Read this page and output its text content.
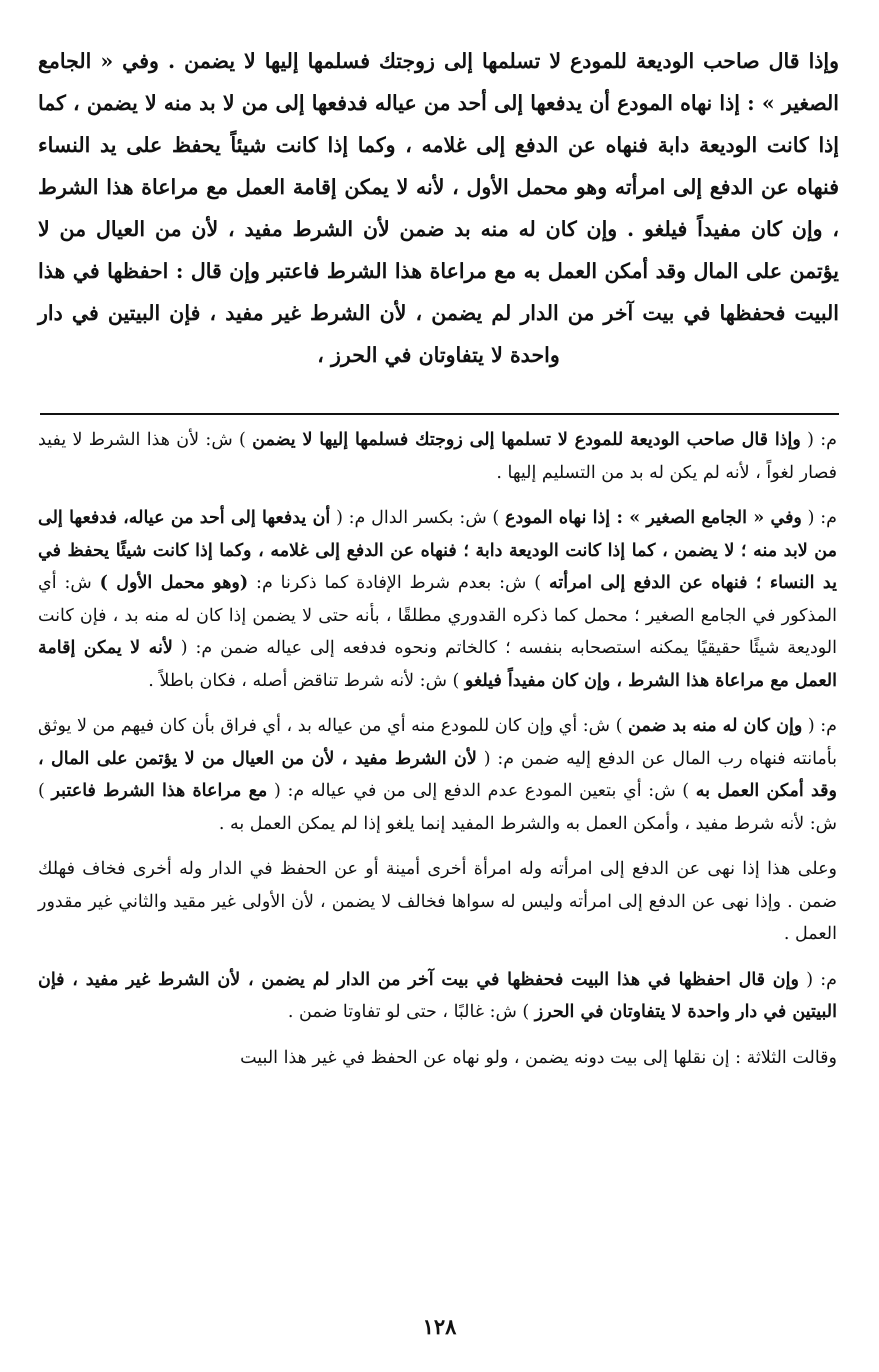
وإذا قال صاحب الوديعة للمودع لا تسلمها إلى زوجتك فسلمها إليها لا يضمن . وفي « الجامع الصغير » : إذا نهاه المودع أن يدفعها إلى أحد من عياله فدفعها إلى من لا بد منه لا يضمن ، كما إذا كانت الوديعة دابة فنهاه عن الدفع إلى غلامه ، وكما إذا كانت شيئاً يحفظ على يد النساء فنهاه عن الدفع إلى امرأته وهو محمل الأول ، لأنه لا يمكن إقامة العمل مع مراعاة هذا الشرط ، وإن كان مفيداً فيلغو . وإن كان له منه بد ضمن لأن الشرط مفيد ، لأن من العيال من لا يؤتمن على المال وقد أمكن العمل به مع مراعاة هذا الشرط فاعتبر وإن قال : احفظها في هذا البيت فحفظها في بيت آخر من الدار لم يضمن ، لأن الشرط غير مفيد ، فإن البيتين في دار واحدة لا يتفاوتان في الحرز ،

م: ( وإذا قال صاحب الوديعة للمودع لا تسلمها إلى زوجتك فسلمها إليها لا يضمن ) ش: لأن هذا الشرط لا يفيد فصار لغواً ، لأنه لم يكن له بد من التسليم إليها .

م: ( وفي « الجامع الصغير » : إذا نهاه المودع ) ش: بكسر الدال م: ( أن يدفعها إلى أحد من عياله، فدفعها إلى من لابد منه ؛ لا يضمن ، كما إذا كانت الوديعة دابة ؛ فنهاه عن الدفع إلى غلامه ، وكما إذا كانت شيئًا يحفظ في يد النساء ؛ فنهاه عن الدفع إلى امرأته ) ش: بعدم شرط الإفادة كما ذكرنا م: (وهو محمل الأول ) ش: أي المذكور في الجامع الصغير ؛ محمل كما ذكره القدوري مطلقًا ، بأنه حتى لا يضمن إذا كان له منه بد ، فإن كانت الوديعة شيئًا حقيقيًا يمكنه استصحابه بنفسه ؛ كالخاتم ونحوه فدفعه إلى عياله ضمن م: ( لأنه لا يمكن إقامة العمل مع مراعاة هذا الشرط ، وإن كان مفيداً فيلغو ) ش: لأنه شرط تناقض أصله ، فكان باطلاً .

م: ( وإن كان له منه بد ضمن ) ش: أي وإن كان للمودع منه أي من عياله بد ، أي فراق بأن كان فيهم من لا يوثق بأمانته فنهاه رب المال عن الدفع إليه ضمن م: ( لأن الشرط مفيد ، لأن من العيال من لا يؤتمن على المال ، وقد أمكن العمل به ) ش: أي بتعين المودع عدم الدفع إلى من في عياله م: ( مع مراعاة هذا الشرط فاعتبر ) ش: لأنه شرط مفيد ، وأمكن العمل به والشرط المفيد إنما يلغو إذا لم يمكن العمل به .

وعلى هذا إذا نهى عن الدفع إلى امرأته وله امرأة أخرى أمينة أو عن الحفظ في الدار وله أخرى فخاف فهلك ضمن . وإذا نهى عن الدفع إلى امرأته وليس له سواها فخالف لا يضمن ، لأن الأولى غير مقيد والثاني غير مقدور العمل .

م: ( وإن قال احفظها في هذا البيت فحفظها في بيت آخر من الدار لم يضمن ، لأن الشرط غير مفيد ، فإن البيتين في دار واحدة لا يتفاوتان في الحرز ) ش: غالبًا ، حتى لو تفاوتا ضمن .

وقالت الثلاثة : إن نقلها إلى بيت دونه يضمن ، ولو نهاه عن الحفظ في غير هذا البيت

١٢٨
